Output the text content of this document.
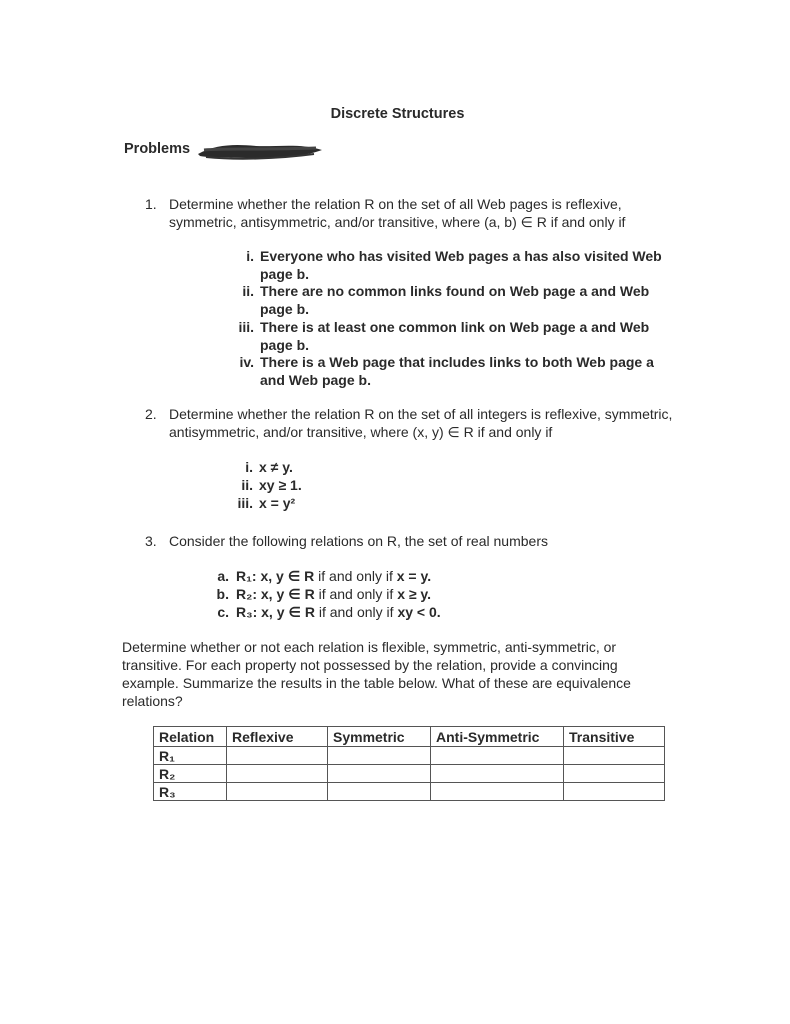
Discrete Structures
Problems
1. Determine whether the relation R on the set of all Web pages is reflexive, symmetric, antisymmetric, and/or transitive, where (a, b) ∈ R if and only if
i. Everyone who has visited Web pages a has also visited Web page b.
ii. There are no common links found on Web page a and Web page b.
iii. There is at least one common link on Web page a and Web page b.
iv. There is a Web page that includes links to both Web page a and Web page b.
2. Determine whether the relation R on the set of all integers is reflexive, symmetric, antisymmetric, and/or transitive, where (x, y) ∈ R if and only if
i. x ≠ y.
ii. xy ≥ 1.
iii. x = y²
3. Consider the following relations on R, the set of real numbers
a. R₁: x, y ∈ R if and only if x = y.
b. R₂: x, y ∈ R if and only if x ≥ y.
c. R₃: x, y ∈ R if and only if xy < 0.
Determine whether or not each relation is flexible, symmetric, anti-symmetric, or transitive. For each property not possessed by the relation, provide a convincing example. Summarize the results in the table below. What of these are equivalence relations?
Relation	Reflexive	Symmetric	Anti-Symmetric	Transitive
R₁				
R₂				
R₃				
